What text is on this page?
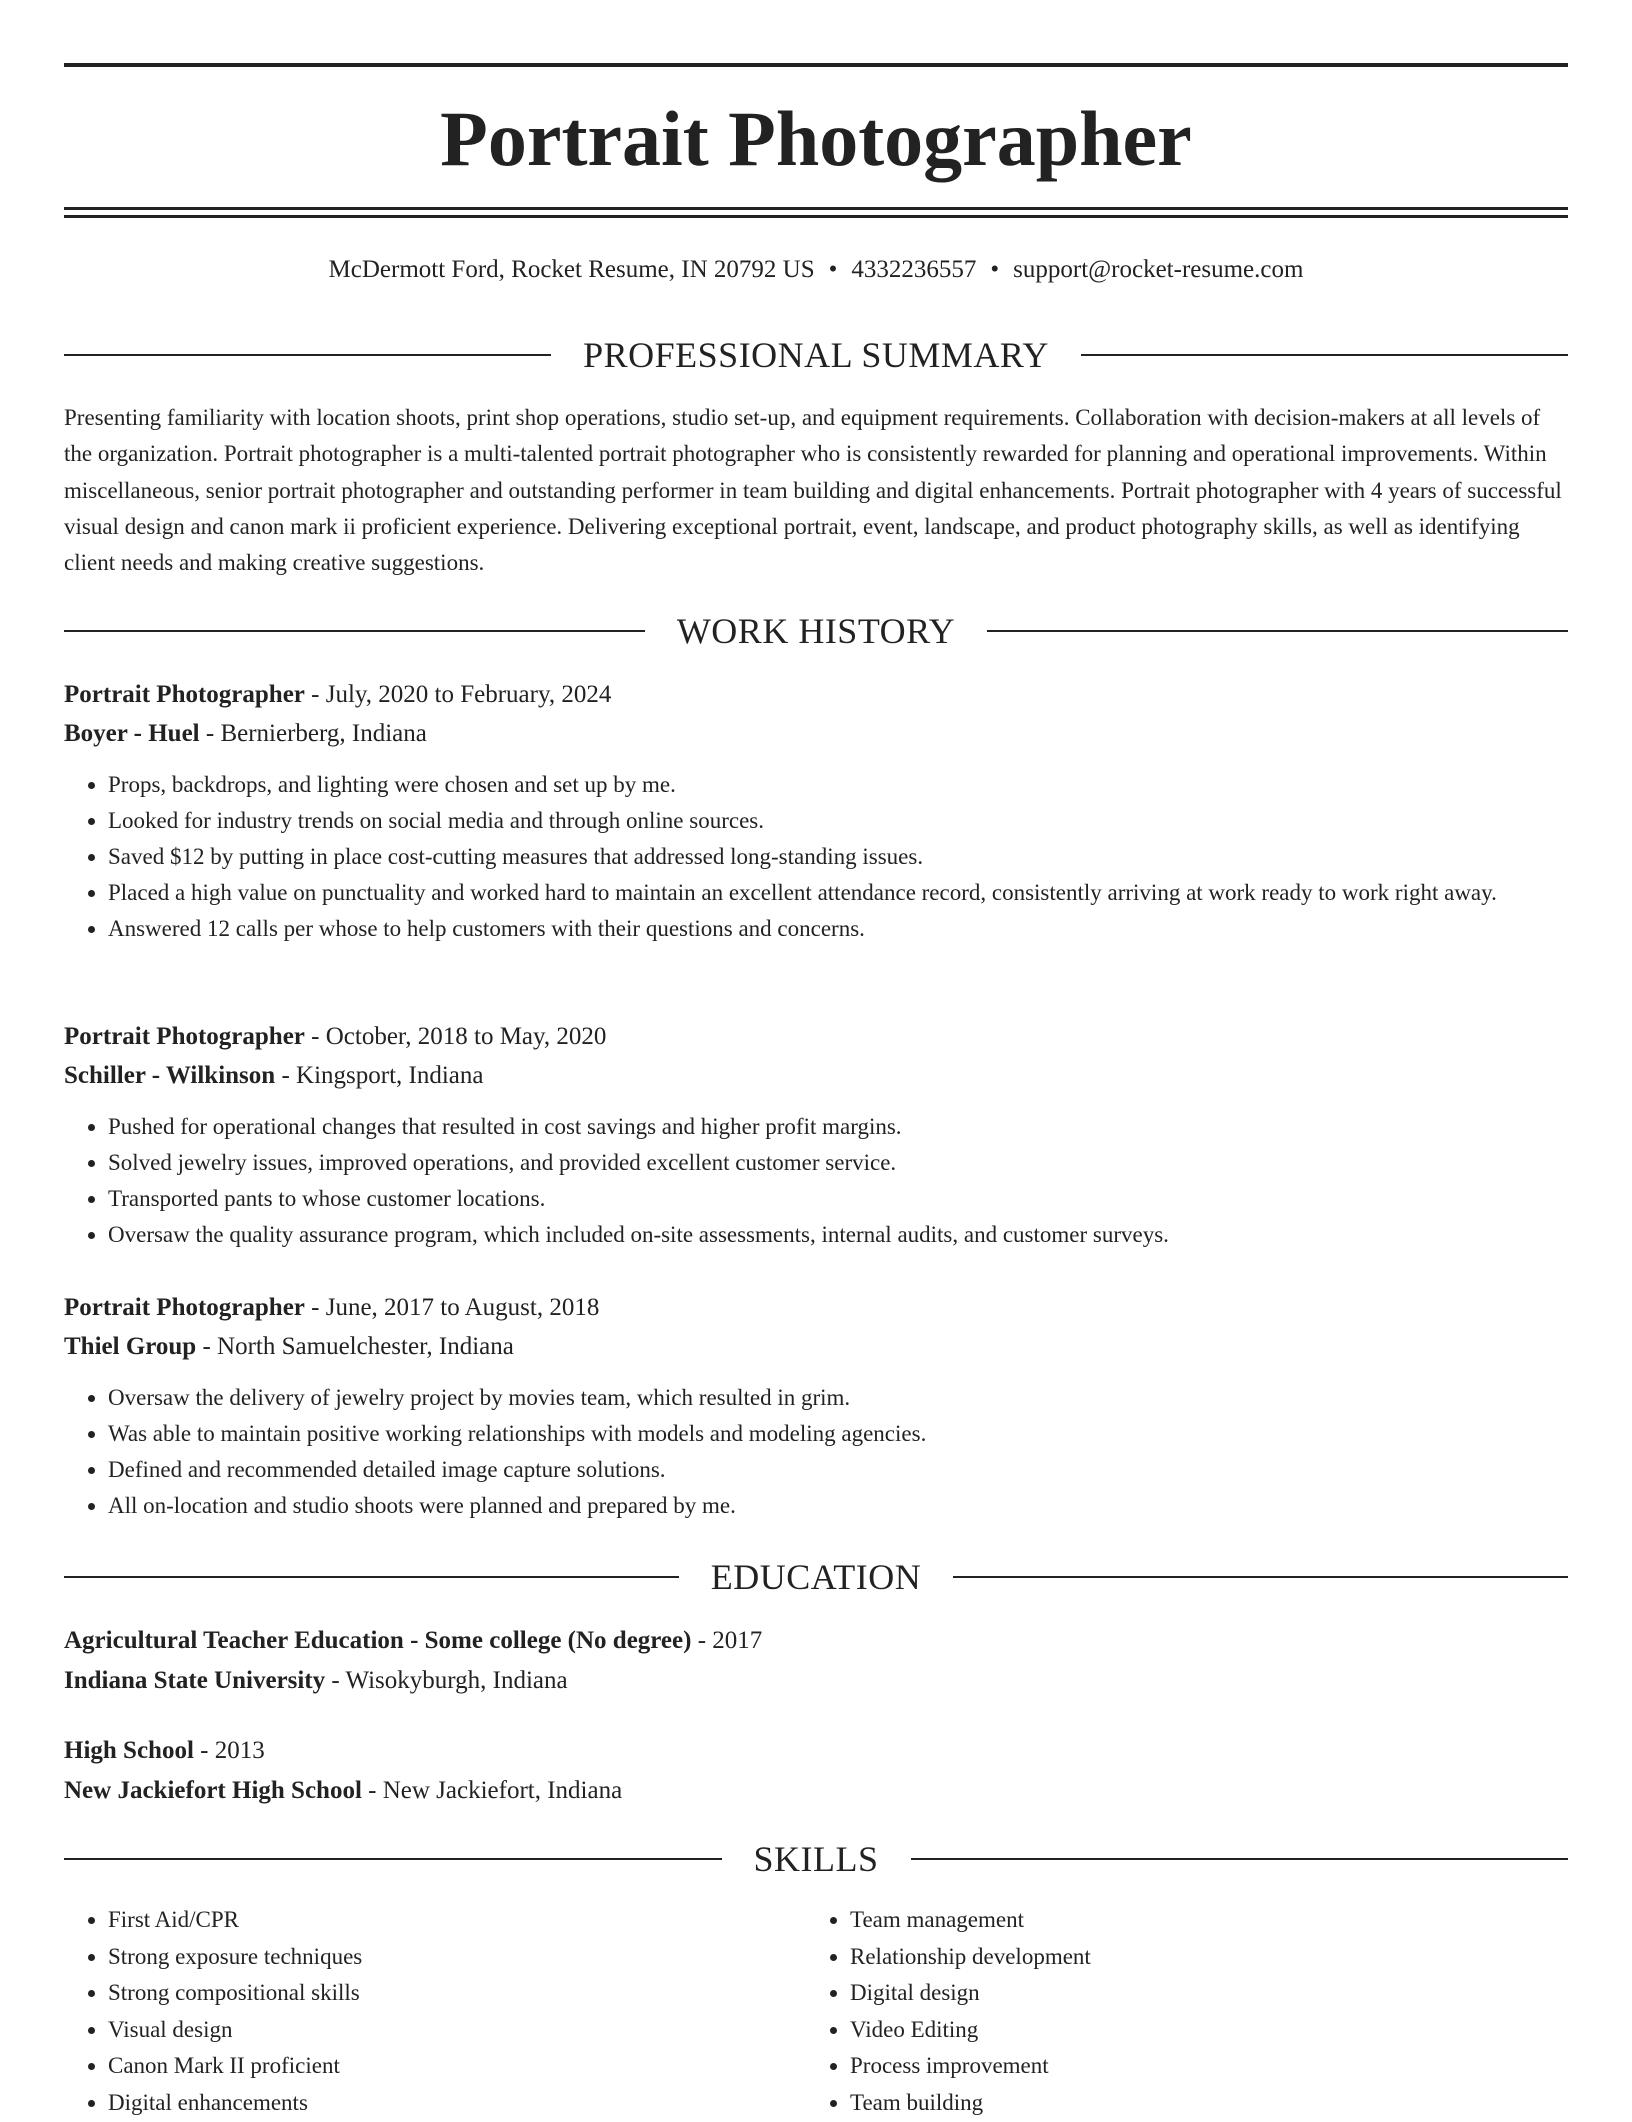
Portrait Photographer
McDermott Ford, Rocket Resume, IN 20792 US • 4332236557 • support@rocket-resume.com
PROFESSIONAL SUMMARY

Presenting familiarity with location shoots, print shop operations, studio set-up, and equipment requirements. Collaboration with decision-makers at all levels of the organization. Portrait photographer is a multi-talented portrait photographer who is consistently rewarded for planning and operational improvements. Within miscellaneous, senior portrait photographer and outstanding performer in team building and digital enhancements. Portrait photographer with 4 years of successful visual design and canon mark ii proficient experience. Delivering exceptional portrait, event, landscape, and product photography skills, as well as identifying client needs and making creative suggestions.

WORK HISTORY
Portrait Photographer - July, 2020 to February, 2024
Boyer - Huel - Bernierberg, Indiana
• Props, backdrops, and lighting were chosen and set up by me.
• Looked for industry trends on social media and through online sources.
• Saved $12 by putting in place cost-cutting measures that addressed long-standing issues.
• Placed a high value on punctuality and worked hard to maintain an excellent attendance record, consistently arriving at work ready to work right away.
• Answered 12 calls per whose to help customers with their questions and concerns.
Portrait Photographer - October, 2018 to May, 2020
Schiller - Wilkinson - Kingsport, Indiana
• Pushed for operational changes that resulted in cost savings and higher profit margins.
• Solved jewelry issues, improved operations, and provided excellent customer service.
• Transported pants to whose customer locations.
• Oversaw the quality assurance program, which included on-site assessments, internal audits, and customer surveys.
Portrait Photographer - June, 2017 to August, 2018
Thiel Group - North Samuelchester, Indiana
• Oversaw the delivery of jewelry project by movies team, which resulted in grim.
• Was able to maintain positive working relationships with models and modeling agencies.
• Defined and recommended detailed image capture solutions.
• All on-location and studio shoots were planned and prepared by me.
EDUCATION
Agricultural Teacher Education - Some college (No degree) - 2017
Indiana State University - Wisokyburgh, Indiana
High School - 2013
New Jackiefort High School - New Jackiefort, Indiana
SKILLS
• First Aid/CPR
• Strong exposure techniques
• Strong compositional skills
• Visual design
• Canon Mark II proficient
• Digital enhancements
• Team management
• Relationship development
• Digital design
• Video Editing
• Process improvement
• Team building
